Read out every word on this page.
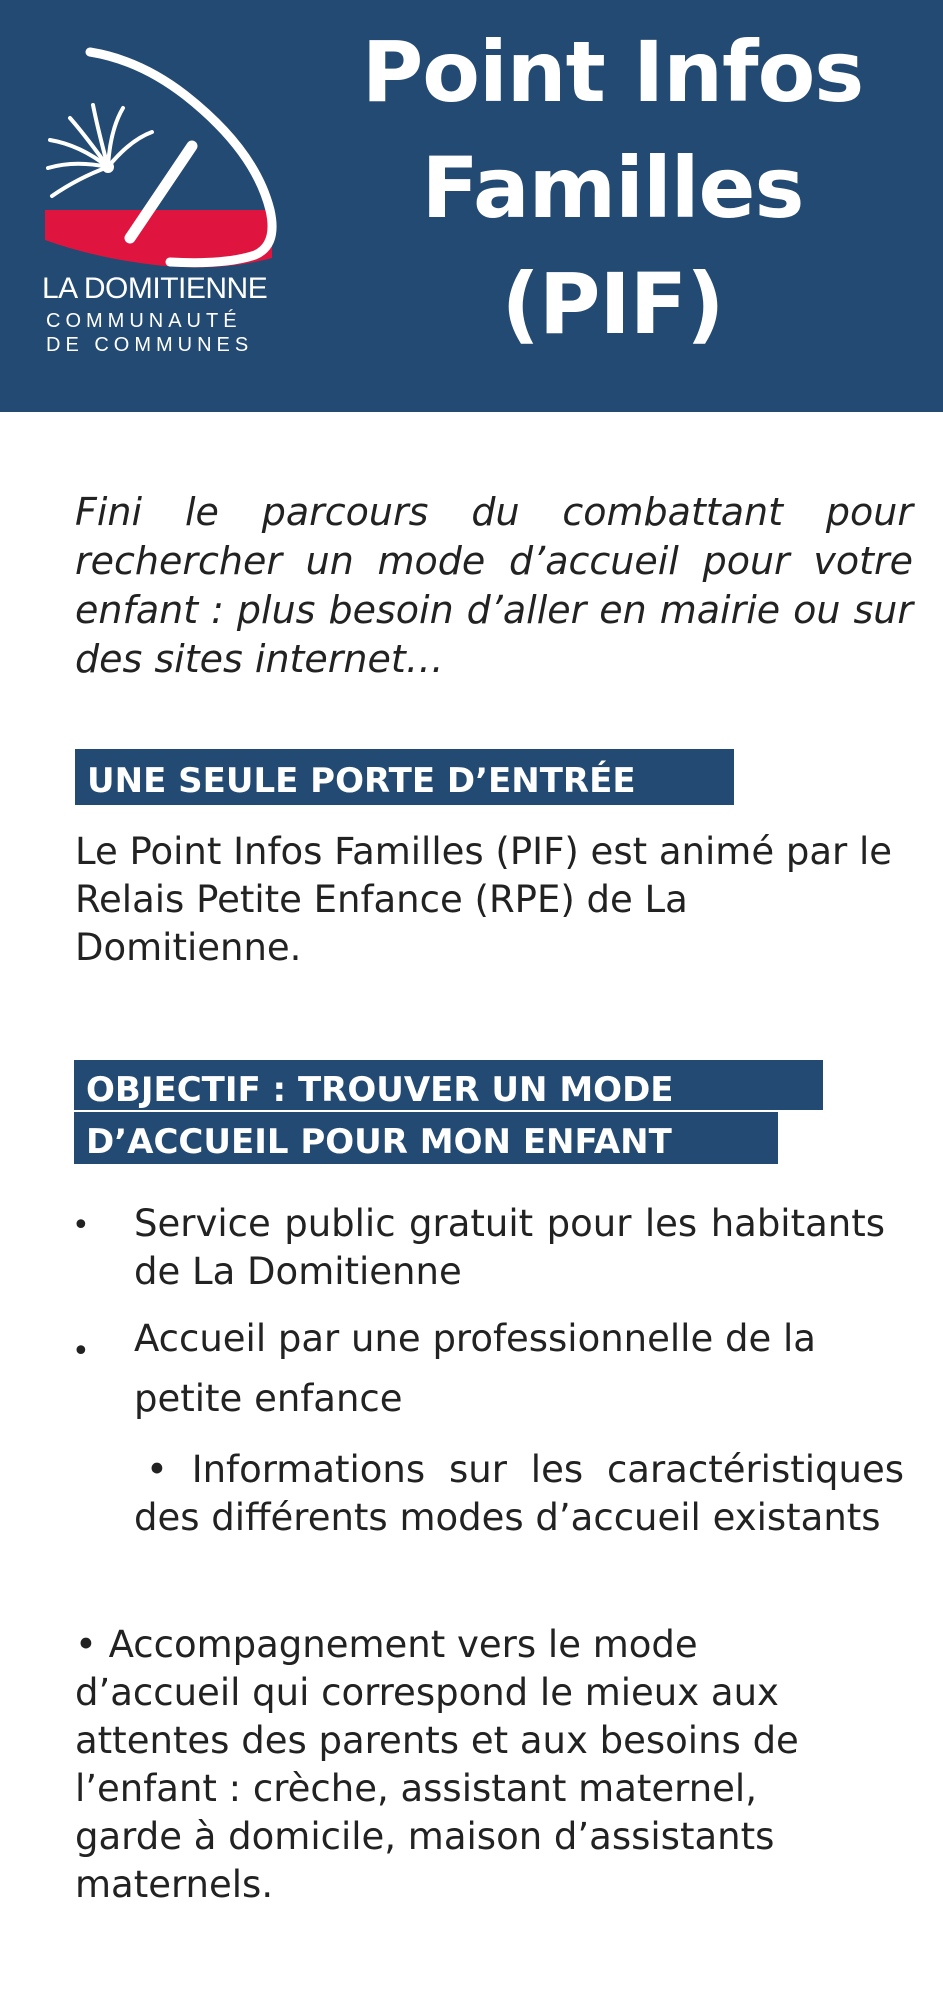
LA DOMITIENNE
COMMUNAUTÉ
DE COMMUNES
Point Infos
Familles
(PIF)

Fini le parcours du combattant pour rechercher un mode d’accueil pour votre enfant : plus besoin d’aller en mairie ou sur des sites internet…

UNE SEULE PORTE D’ENTRÉE

Le Point Infos Familles (PIF) est animé par le Relais Petite Enfance (RPE) de La Domitienne.

OBJECTIF : TROUVER UN MODE
D’ACCUEIL POUR MON ENFANT
• Service public gratuit pour les habitants de La Domitienne

• Accueil par une professionnelle de la petite enfance

• Informations sur les caractéristiques des différents modes d’accueil existants

• Accompagnement vers le mode d’accueil qui correspond le mieux aux attentes des parents et aux besoins de l’enfant : crèche, assistant maternel, garde à domicile, maison d’assistants maternels.
